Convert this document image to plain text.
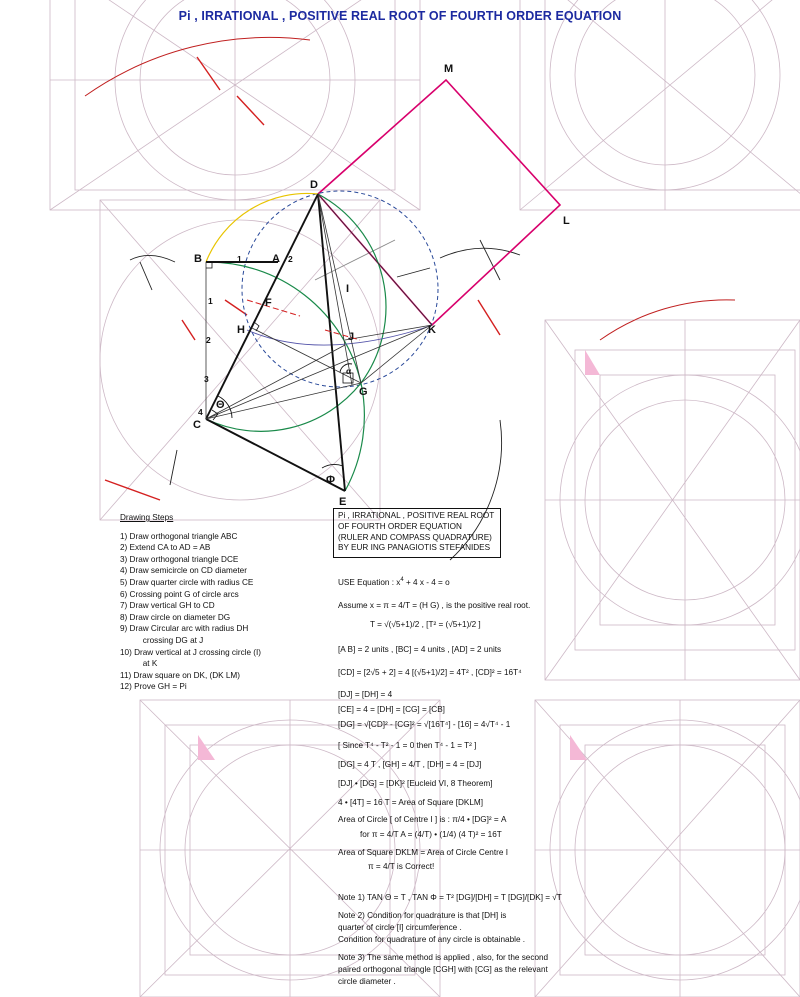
M
L
D
B	A
F
I
H
J
K
G
C
E
1	2
1
2
3
4
Θ
Φ
α
Pi , IRRATIONAL , POSITIVE REAL ROOT OF FOURTH ORDER EQUATION
Drawing Steps
1) Draw orthogonal triangle ABC
2) Extend CA to AD = AB
3) Draw orthogonal triangle DCE
4) Draw semicircle on CD diameter
5) Draw quarter circle with radius CE
6) Crossing point G of circle arcs
7) Draw vertical GH to CD
8) Draw circle on diameter DG
9) Draw Circular arc with radius DH
crossing DG at J
10) Draw vertical at J crossing circle (I)
at K
11) Draw square on DK, (DK LM)
12) Prove GH = Pi
Pi , IRRATIONAL , POSITIVE REAL ROOT
OF FOURTH ORDER EQUATION
(RULER AND COMPASS QUADRATURE)
BY EUR ING PANAGIOTIS STEFANIDES
USE Equation : $x^4 + 4$ x - 4 = o
Assume x = π = 4/T = (H G) , is the positive real root.
T = √(√5+1)/2 , [T² = (√5+1)/2 ]
[A B] = 2 units , [BC] = 4 units , [AD] = 2 units
[CD] = [2√5 + 2] = 4 [(√5+1)/2] = 4T² , [CD]² = 16T⁴
[DJ] = [DH] = 4
[CE] = 4 = [DH] = [CG] = [CB]
[DG] = √[CD]² - [CG]² = √[16T⁴] - [16] = 4√T⁴ - 1
[ Since T⁴ - T² - 1 = 0 then T⁴ - 1 = T² ]
[DG] = 4 T , [GH] = 4/T , [DH] = 4 = [DJ]
[DJ] • [DG] = [DK]² [Eucleid VI, 8 Theorem]
4 • [4T] = 16 T = Area of Square [DKLM]
Area of Circle [ of Centre I ] is : π/4 • [DG]² = A
for π = 4/T A = (4/T) • (1/4) (4 T)² = 16T
Area of Square DKLM = Area of Circle Centre I
π = 4/T is Correct!
Note 1) TAN Θ = T , TAN Φ = T² [DG]/[DH] = T [DG]/[DK] = √T
Note 2) Condition for quadrature is that [DH] is
quarter of circle [I] circumference .
Condition for quadrature of any circle is obtainable .
Note 3) The same method is applied , also, for the second
paired orthogonal triangle [CGH] with [CG] as the relevant
circle diameter .
